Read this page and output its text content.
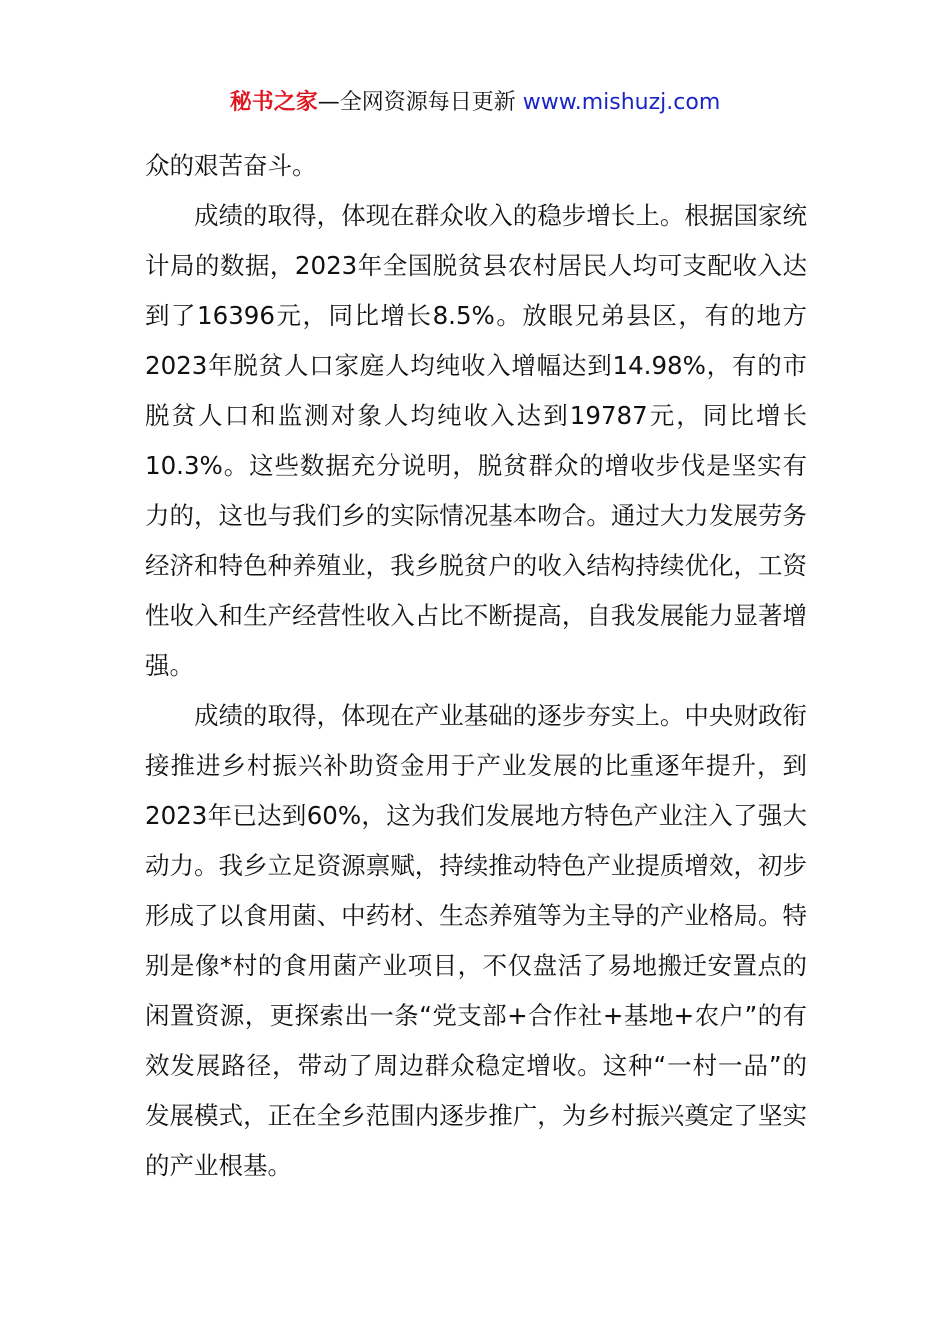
秘书之家—全网资源每日更新 www.mishuzj.com

众的艰苦奋斗。

成绩的取得，体现在群众收入的稳步增长上。根据国家统计局的数据，2023年全国脱贫县农村居民人均可支配收入达到了16396元，同比增长8.5%。放眼兄弟县区，有的地方2023年脱贫人口家庭人均纯收入增幅达到14.98%，有的市脱贫人口和监测对象人均纯收入达到19787元，同比增长10.3%。这些数据充分说明，脱贫群众的增收步伐是坚实有力的，这也与我们乡的实际情况基本吻合。通过大力发展劳务经济和特色种养殖业，我乡脱贫户的收入结构持续优化，工资性收入和生产经营性收入占比不断提高，自我发展能力显著增强。

成绩的取得，体现在产业基础的逐步夯实上。中央财政衔接推进乡村振兴补助资金用于产业发展的比重逐年提升，到2023年已达到60%，这为我们发展地方特色产业注入了强大动力。我乡立足资源禀赋，持续推动特色产业提质增效，初步形成了以食用菌、中药材、生态养殖等为主导的产业格局。特别是像*村的食用菌产业项目，不仅盘活了易地搬迁安置点的闲置资源，更探索出一条“党支部+合作社+基地+农户”的有效发展路径，带动了周边群众稳定增收。这种“一村一品”的发展模式，正在全乡范围内逐步推广，为乡村振兴奠定了坚实的产业根基。
